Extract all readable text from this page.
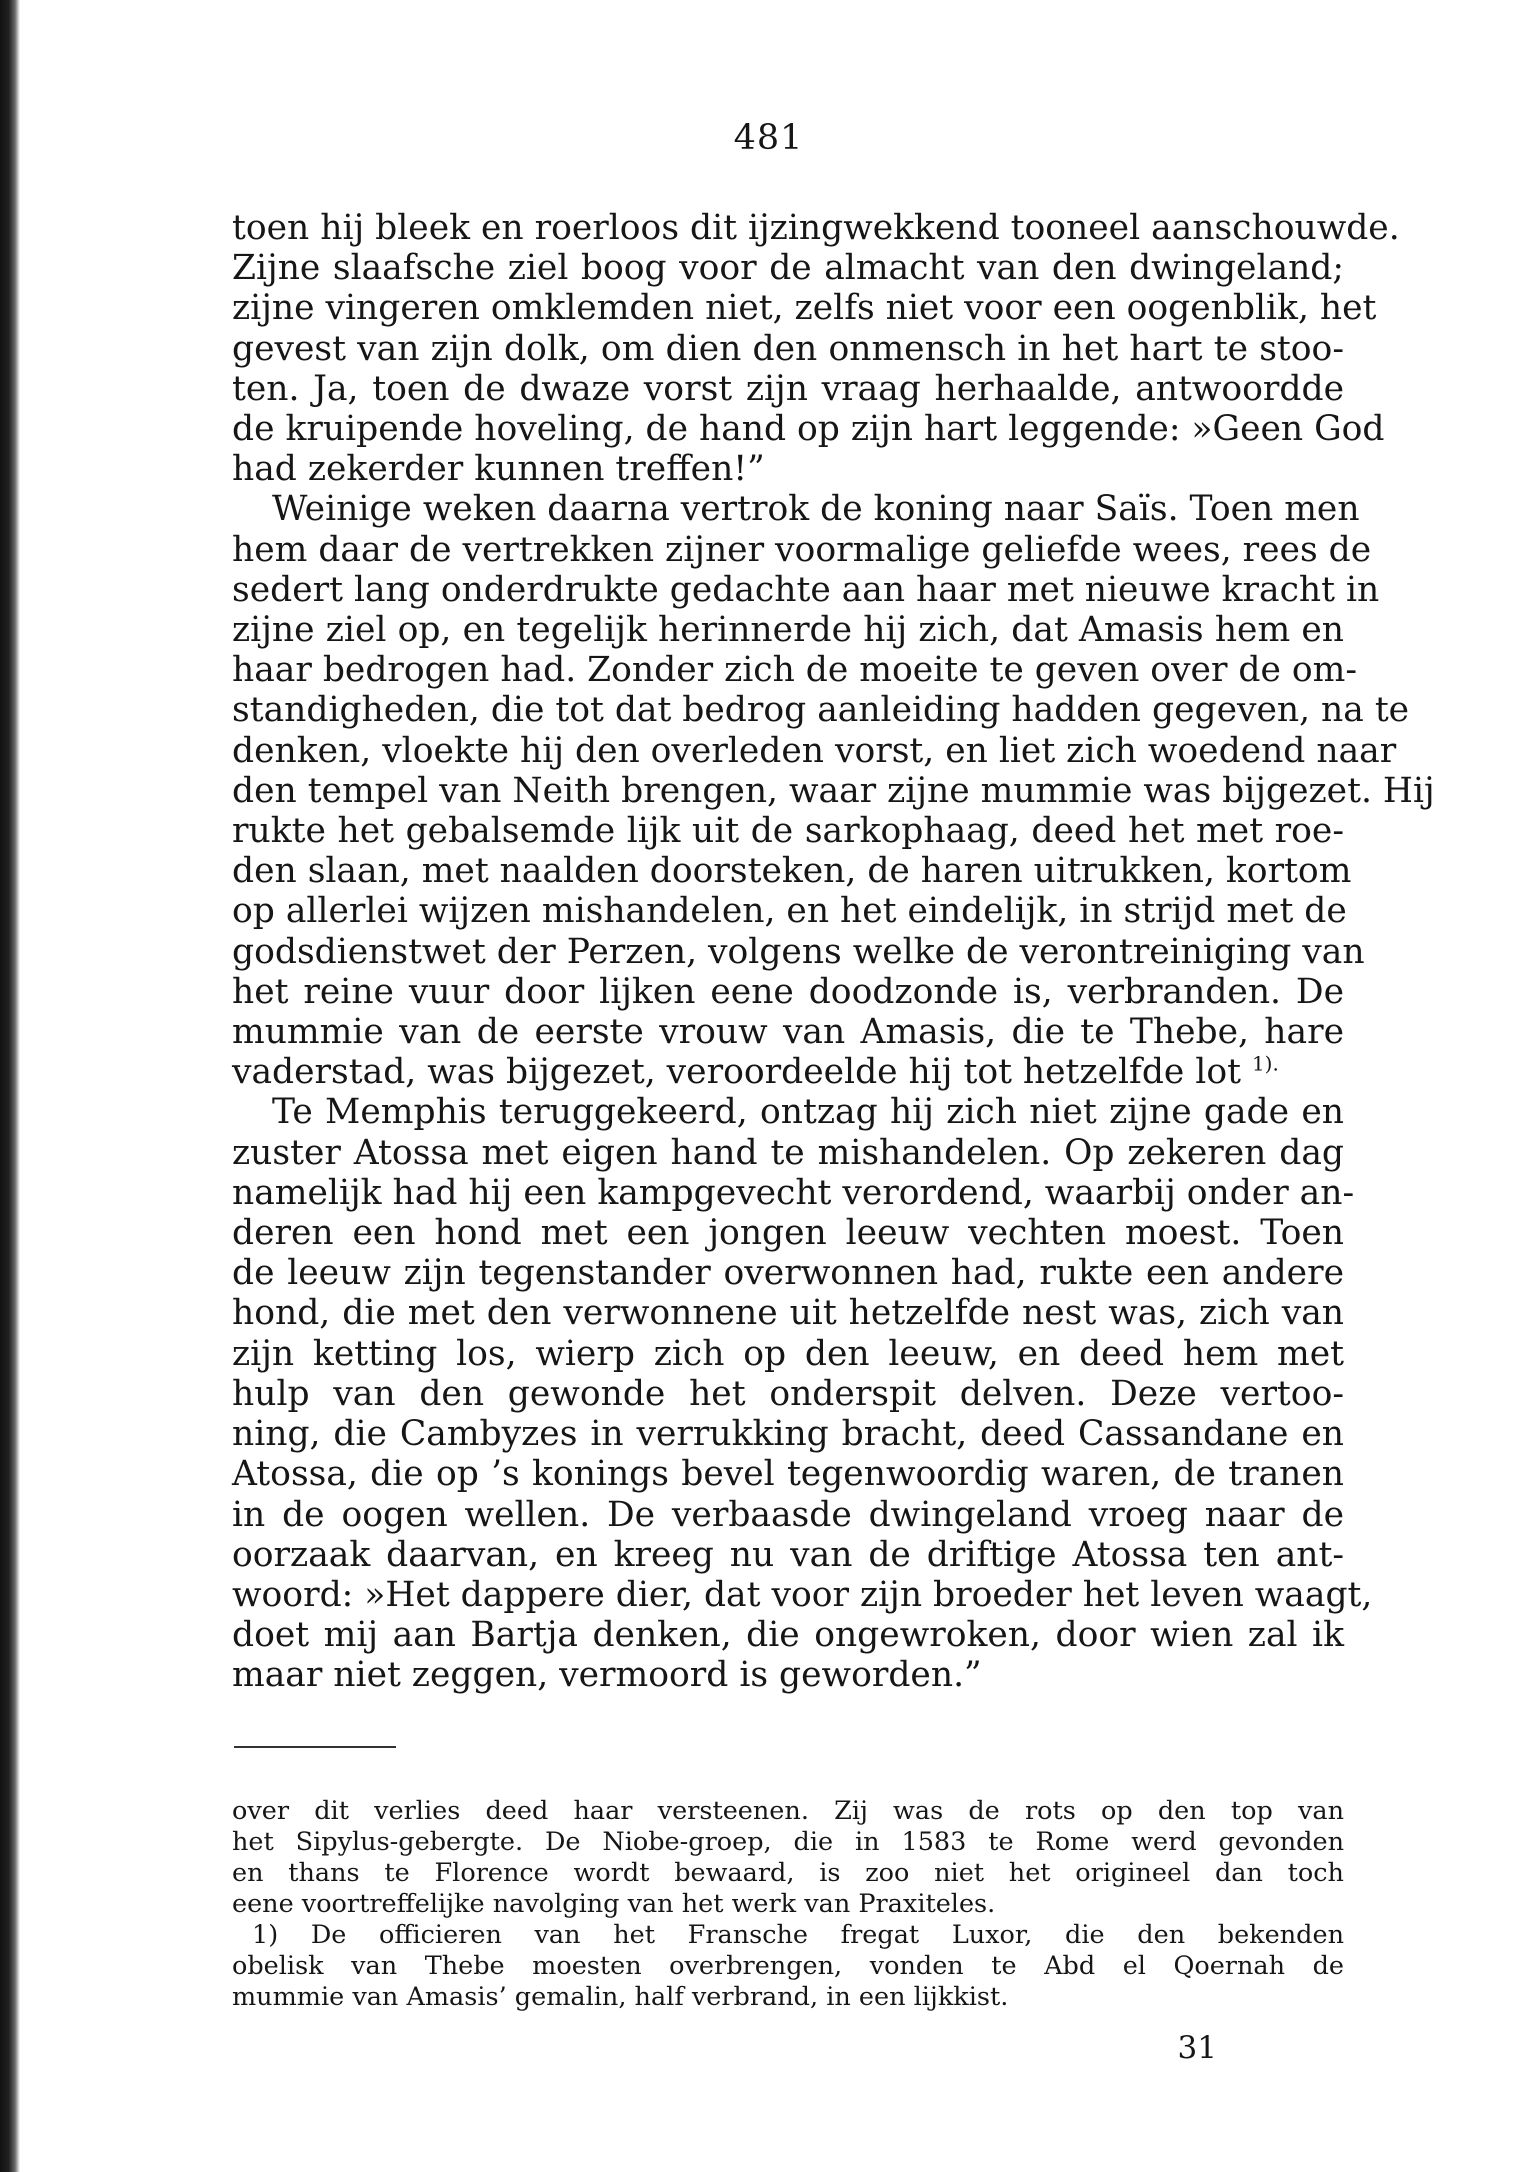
481

toen hij bleek en roerloos dit ijzingwekkend tooneel aanschouwde.
Zijne slaafsche ziel boog voor de almacht van den dwingeland;
zijne vingeren omklemden niet, zelfs niet voor een oogenblik, het
gevest van zijn dolk, om dien den onmensch in het hart te stoo-
ten. Ja, toen de dwaze vorst zijn vraag herhaalde, antwoordde
de kruipende hoveling, de hand op zijn hart leggende: »Geen God
had zekerder kunnen treffen!”

Weinige weken daarna vertrok de koning naar Saïs. Toen men
hem daar de vertrekken zijner voormalige geliefde wees, rees de
sedert lang onderdrukte gedachte aan haar met nieuwe kracht in
zijne ziel op, en tegelijk herinnerde hij zich, dat Amasis hem en
haar bedrogen had. Zonder zich de moeite te geven over de om-
standigheden, die tot dat bedrog aanleiding hadden gegeven, na te
denken, vloekte hij den overleden vorst, en liet zich woedend naar
den tempel van Neith brengen, waar zijne mummie was bijgezet. Hij
rukte het gebalsemde lijk uit de sarkophaag, deed het met roe-
den slaan, met naalden doorsteken, de haren uitrukken, kortom
op allerlei wijzen mishandelen, en het eindelijk, in strijd met de
godsdienstwet der Perzen, volgens welke de verontreiniging van
het reine vuur door lijken eene doodzonde is, verbranden. De
mummie van de eerste vrouw van Amasis, die te Thebe, hare
vaderstad, was bijgezet, veroordeelde hij tot hetzelfde lot $^{1).}$

Te Memphis teruggekeerd, ontzag hij zich niet zijne gade en
zuster Atossa met eigen hand te mishandelen. Op zekeren dag
namelijk had hij een kampgevecht verordend, waarbij onder an-
deren een hond met een jongen leeuw vechten moest. Toen
de leeuw zijn tegenstander overwonnen had, rukte een andere
hond, die met den verwonnene uit hetzelfde nest was, zich van
zijn ketting los, wierp zich op den leeuw, en deed hem met
hulp van den gewonde het onderspit delven. Deze vertoo-
ning, die Cambyzes in verrukking bracht, deed Cassandane en
Atossa, die op ’s konings bevel tegenwoordig waren, de tranen
in de oogen wellen. De verbaasde dwingeland vroeg naar de
oorzaak daarvan, en kreeg nu van de driftige Atossa ten ant-
woord: »Het dappere dier, dat voor zijn broeder het leven waagt,
doet mij aan Bartja denken, die ongewroken, door wien zal ik
maar niet zeggen, vermoord is geworden.”

over dit verlies deed haar versteenen. Zij was de rots op den top van
het Sipylus-gebergte. De Niobe-groep, die in 1583 te Rome werd gevonden
en thans te Florence wordt bewaard, is zoo niet het origineel dan toch
eene voortreffelijke navolging van het werk van Praxiteles.
1) De officieren van het Fransche fregat Luxor, die den bekenden
obelisk van Thebe moesten overbrengen, vonden te Abd el Qoernah de
mummie van Amasis’ gemalin, half verbrand, in een lijkkist.
31
